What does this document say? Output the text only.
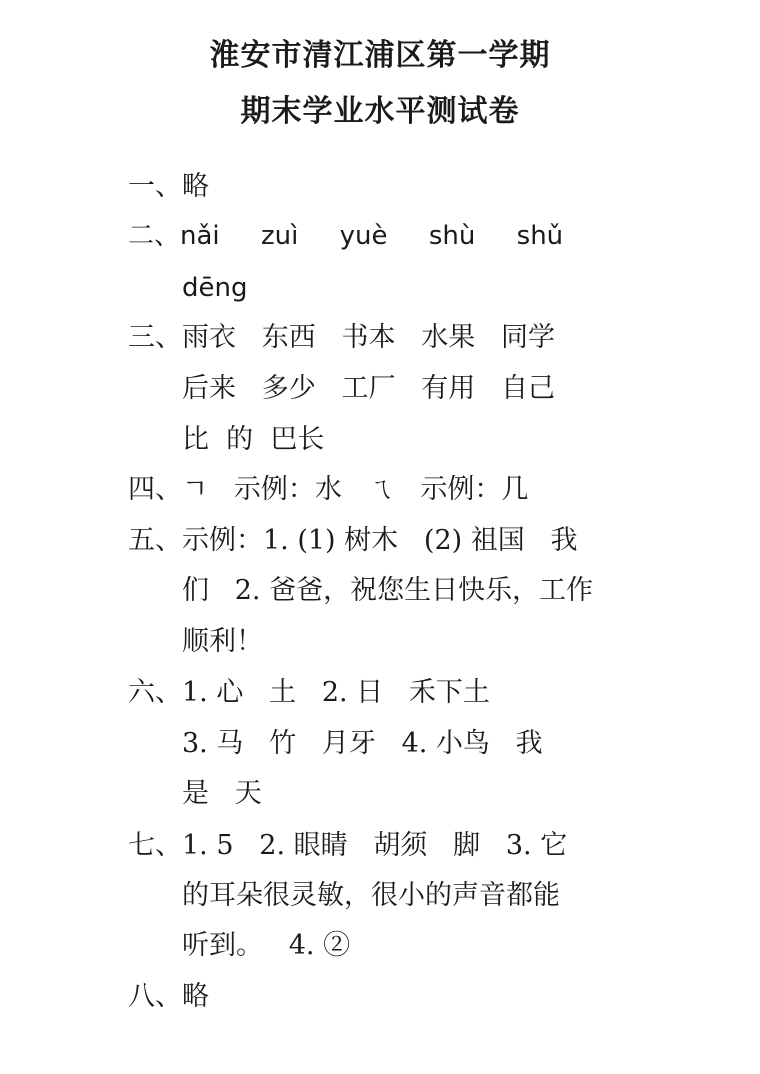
淮安市清江浦区第一学期
期末学业水平测试卷
一、略
二、nǎi     zuì     yuè     shù     shǔ
dēng
三、雨衣   东西   书本   水果   同学
后来   多少   工厂   有用   自己
比  的  巴长
四、ㄱ   示例：水   ㄟ   示例：几
五、示例：1. (1) 树木   (2) 祖国   我
们   2. 爸爸，祝您生日快乐，工作
顺利！
六、1. 心   土   2. 日   禾下土
3. 马   竹   月牙   4. 小鸟   我
是   天
七、1. 5   2. 眼睛   胡须   脚   3. 它
的耳朵很灵敏，很小的声音都能
听到。   4. ②
八、略
